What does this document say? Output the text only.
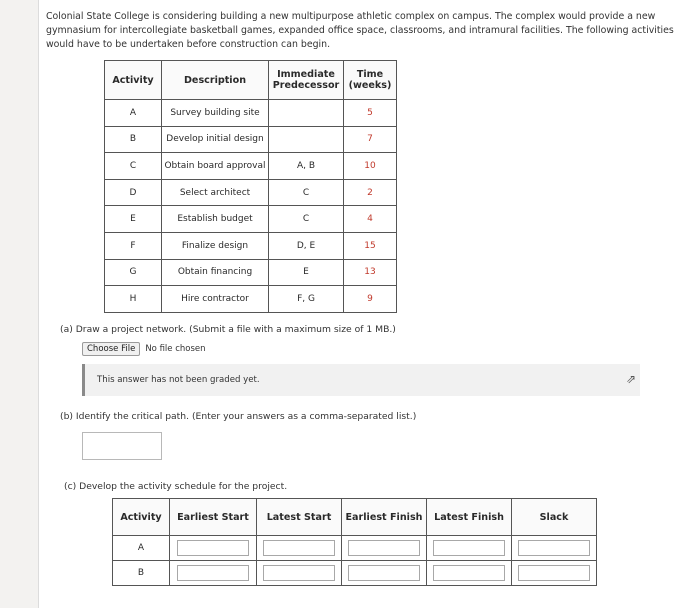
Colonial State College is considering building a new multipurpose athletic complex on campus. The complex would provide a new gymnasium for intercollegiate basketball games, expanded office space, classrooms, and intramural facilities. The following activities would have to be undertaken before construction can begin.
Activity	Description	Immediate Predecessor	Time (weeks)
A	Survey building site		5
B	Develop initial design		7
C	Obtain board approval	A, B	10
D	Select architect	C	2
E	Establish budget	C	4
F	Finalize design	D, E	15
G	Obtain financing	E	13
H	Hire contractor	F, G	9
(a) Draw a project network. (Submit a file with a maximum size of 1 MB.)
Choose File	No file chosen
This answer has not been graded yet.	⇗
(b) Identify the critical path. (Enter your answers as a comma-separated list.)
(c) Develop the activity schedule for the project.
Activity	Earliest Start	Latest Start	Earliest Finish	Latest Finish	Slack
A	

B	
